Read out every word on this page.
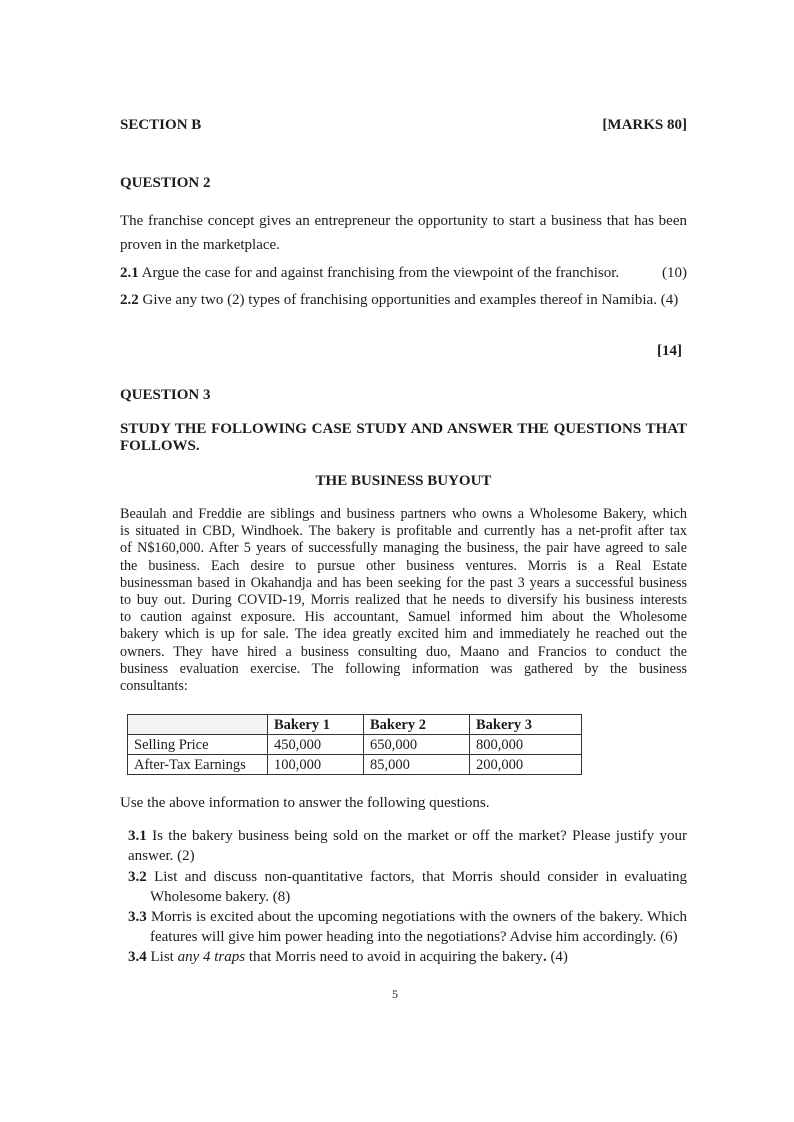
SECTION B	[MARKS 80]
QUESTION 2
The franchise concept gives an entrepreneur the opportunity to start a business that has been
proven in the marketplace.
2.1 Argue the case for and against franchising from the viewpoint of the franchisor.	(10)
2.2 Give any two (2) types of franchising opportunities and examples thereof in Namibia. (4)
[14]
QUESTION 3
STUDY THE FOLLOWING CASE STUDY AND ANSWER THE QUESTIONS THAT FOLLOWS.
THE BUSINESS BUYOUT
Beaulah and Freddie are siblings and business partners who owns a Wholesome Bakery, which
is situated in CBD, Windhoek. The bakery is profitable and currently has a net-profit after tax
of N$160,000. After 5 years of successfully managing the business, the pair have agreed to sale
the business. Each desire to pursue other business ventures. Morris is a Real Estate
businessman based in Okahandja and has been seeking for the past 3 years a successful business
to buy out. During COVID-19, Morris realized that he needs to diversify his business interests
to caution against exposure. His accountant, Samuel informed him about the Wholesome
bakery which is up for sale. The idea greatly excited him and immediately he reached out the
owners. They have hired a business consulting duo, Maano and Francios to conduct the
business evaluation exercise. The following information was gathered by the business
consultants:
	Bakery 1	Bakery 2	Bakery 3
Selling Price	450,000	650,000	800,000
After-Tax Earnings	100,000	85,000	200,000
Use the above information to answer the following questions.
3.1 Is the bakery business being sold on the market or off the market? Please justify your
answer. (2)
3.2 List and discuss non-quantitative factors, that Morris should consider in evaluating
Wholesome bakery. (8)
3.3 Morris is excited about the upcoming negotiations with the owners of the bakery. Which
features will give him power heading into the negotiations? Advise him accordingly. (6)
3.4 List any 4 traps that Morris need to avoid in acquiring the bakery. (4)
5
